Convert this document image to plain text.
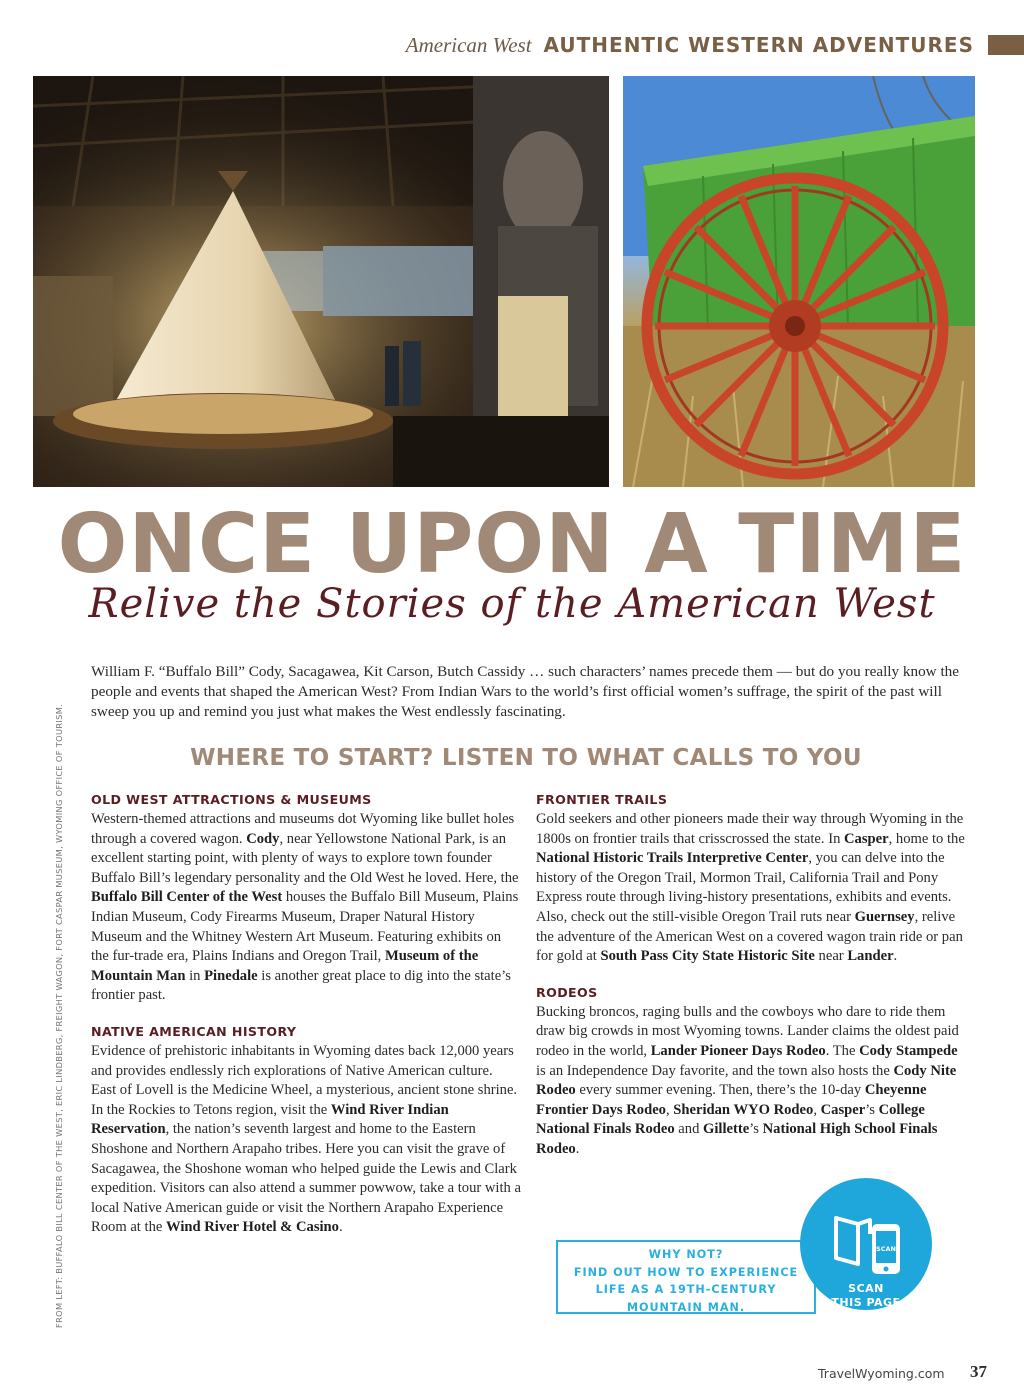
American West AUTHENTIC WESTERN ADVENTURES
ONCE UPON A TIME
Relive the Stories of the American West
FROM LEFT: BUFFALO BILL CENTER OF THE WEST, ERIC LINDBERG, FREIGHT WAGON, FORT CASPAR MUSEUM, WYOMING OFFICE OF TOURISM.
William F. “Buffalo Bill” Cody, Sacagawea, Kit Carson, Butch Cassidy … such characters’ names precede them — but do you really know the people and events that shaped the American West? From Indian Wars to the world’s first official women’s suffrage, the spirit of the past will sweep you up and remind you just what makes the West endlessly fascinating.
WHERE TO START? LISTEN TO WHAT CALLS TO YOU
OLD WEST ATTRACTIONS & MUSEUMS
Western-themed attractions and museums dot Wyoming like bullet holes through a covered wagon. Cody, near Yellowstone National Park, is an excellent starting point, with plenty of ways to explore town founder Buffalo Bill’s legendary personality and the Old West he loved. Here, the Buffalo Bill Center of the West houses the Buffalo Bill Museum, Plains Indian Museum, Cody Firearms Museum, Draper Natural History Museum and the Whitney Western Art Museum. Featuring exhibits on the fur-trade era, Plains Indians and Oregon Trail, Museum of the Mountain Man in Pinedale is another great place to dig into the state’s frontier past.
NATIVE AMERICAN HISTORY
Evidence of prehistoric inhabitants in Wyoming dates back 12,000 years and provides endlessly rich explorations of Native American culture. East of Lovell is the Medicine Wheel, a mysterious, ancient stone shrine. In the Rockies to Tetons region, visit the Wind River Indian Reservation, the nation’s seventh largest and home to the Eastern Shoshone and Northern Arapaho tribes. Here you can visit the grave of Sacagawea, the Shoshone woman who helped guide the Lewis and Clark expedition. Visitors can also attend a summer powwow, take a tour with a local Native American guide or visit the Northern Arapaho Experience Room at the Wind River Hotel & Casino.
FRONTIER TRAILS
Gold seekers and other pioneers made their way through Wyoming in the 1800s on frontier trails that crisscrossed the state. In Casper, home to the National Historic Trails Interpretive Center, you can delve into the history of the Oregon Trail, Mormon Trail, California Trail and Pony Express route through living-history presentations, exhibits and events. Also, check out the still-visible Oregon Trail ruts near Guernsey, relive the adventure of the American West on a covered wagon train ride or pan for gold at South Pass City State Historic Site near Lander.
RODEOS
Bucking broncos, raging bulls and the cowboys who dare to ride them draw big crowds in most Wyoming towns. Lander claims the oldest paid rodeo in the world, Lander Pioneer Days Rodeo. The Cody Stampede is an Independence Day favorite, and the town also hosts the Cody Nite Rodeo every summer evening. Then, there’s the 10-day Cheyenne Frontier Days Rodeo, Sheridan WYO Rodeo, Casper’s College National Finals Rodeo and Gillette’s National High School Finals Rodeo.
WHY NOT?
FIND OUT HOW TO EXPERIENCE
LIFE AS A 19TH-CENTURY
MOUNTAIN MAN.
SCAN
SCAN
THIS PAGE
TravelWyoming.com 37
